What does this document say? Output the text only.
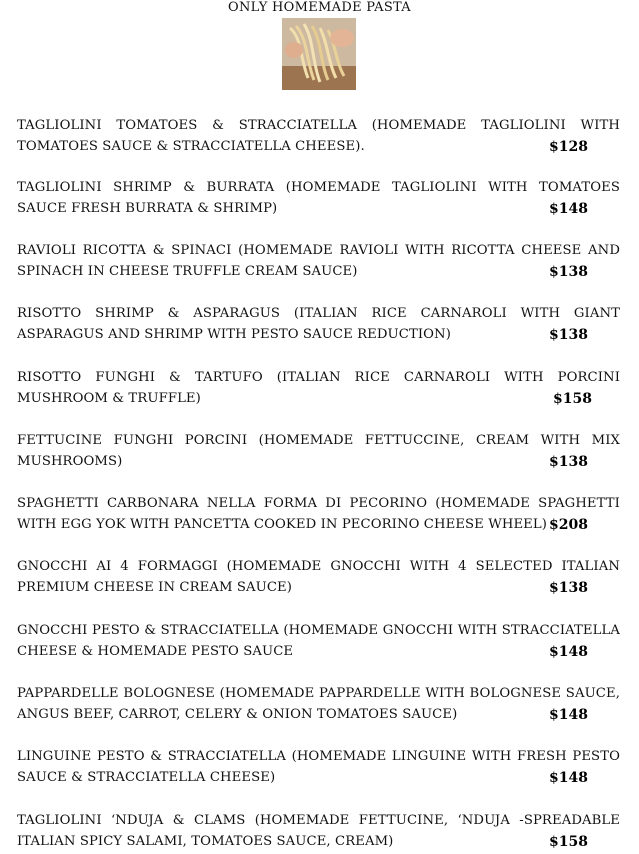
ONLY HOMEMADE PASTA

TAGLIOLINI TOMATOES & STRACCIATELLA (HOMEMADE TAGLIOLINI WITH TOMATOES SAUCE & STRACCIATELLA CHEESE).	$128

TAGLIOLINI SHRIMP & BURRATA (HOMEMADE TAGLIOLINI WITH TOMATOES SAUCE FRESH BURRATA & SHRIMP)	$148

RAVIOLI RICOTTA & SPINACI (HOMEMADE RAVIOLI WITH RICOTTA CHEESE AND SPINACH IN CHEESE TRUFFLE CREAM SAUCE)	$138

RISOTTO SHRIMP & ASPARAGUS (ITALIAN RICE CARNAROLI WITH GIANT ASPARAGUS AND SHRIMP WITH PESTO SAUCE REDUCTION)	$138

RISOTTO FUNGHI & TARTUFO (ITALIAN RICE CARNAROLI WITH PORCINI MUSHROOM & TRUFFLE)	$158

FETTUCINE FUNGHI PORCINI (HOMEMADE FETTUCCINE, CREAM WITH MIX MUSHROOMS)	$138

SPAGHETTI CARBONARA NELLA FORMA DI PECORINO (HOMEMADE SPAGHETTI WITH EGG YOK WITH PANCETTA COOKED IN PECORINO CHEESE WHEEL) $208

GNOCCHI AI 4 FORMAGGI (HOMEMADE GNOCCHI WITH 4 SELECTED ITALIAN PREMIUM CHEESE IN CREAM SAUCE)	$138

GNOCCHI PESTO & STRACCIATELLA (HOMEMADE GNOCCHI WITH STRACCIATELLA CHEESE & HOMEMADE PESTO SAUCE	$148

PAPPARDELLE BOLOGNESE (HOMEMADE PAPPARDELLE WITH BOLOGNESE SAUCE, ANGUS BEEF, CARROT, CELERY & ONION TOMATOES SAUCE)	$148

LINGUINE PESTO & STRACCIATELLA (HOMEMADE LINGUINE WITH FRESH PESTO SAUCE & STRACCIATELLA CHEESE)	$148

TAGLIOLINI ‘NDUJA & CLAMS (HOMEMADE FETTUCINE, ‘NDUJA -SPREADABLE ITALIAN SPICY SALAMI, TOMATOES SAUCE, CREAM)	$158
